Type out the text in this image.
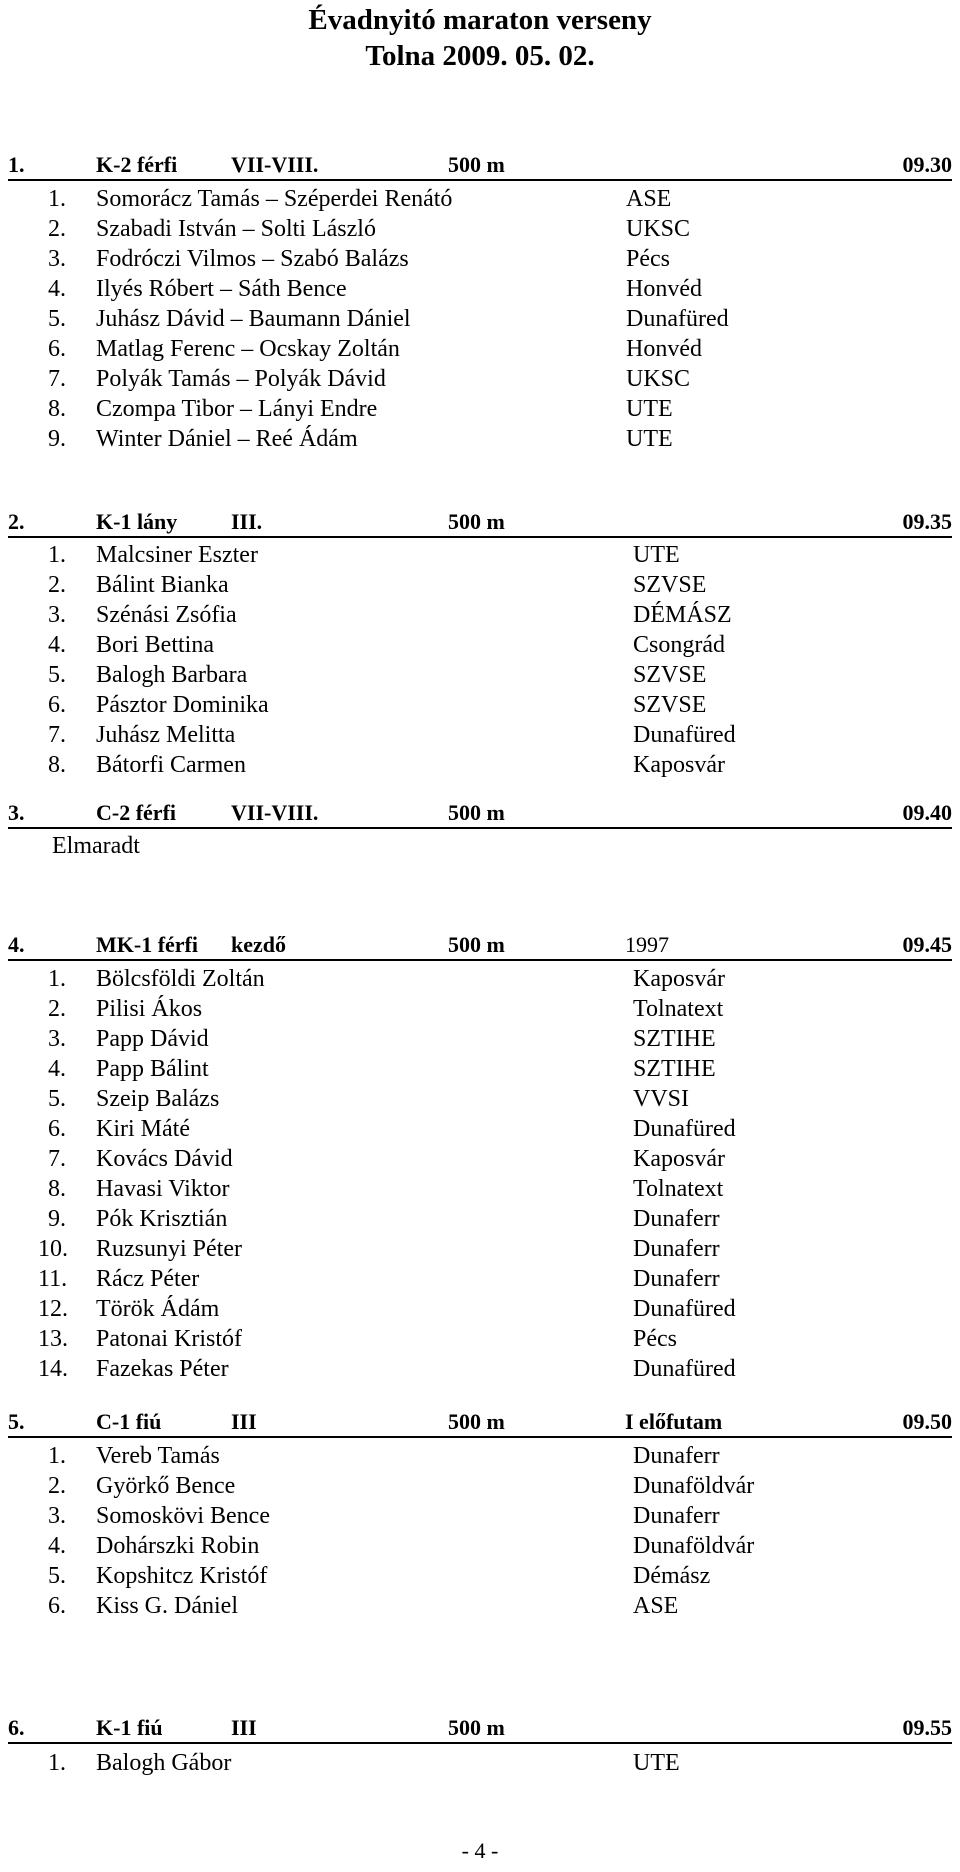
Évadnyitó maraton verseny
Tolna 2009. 05. 02.
1.	K-2 férfi VII-VIII.	500 m	09.30
1. Somorácz Tamás – Széperdei Renátó	ASE
2. Szabadi István – Solti László	UKSC
3. Fodróczi Vilmos – Szabó Balázs	Pécs
4. Ilyés Róbert – Sáth Bence	Honvéd
5. Juhász Dávid – Baumann Dániel	Dunafüred
6. Matlag Ferenc – Ocskay Zoltán	Honvéd
7. Polyák Tamás – Polyák Dávid	UKSC
8. Czompa Tibor – Lányi Endre	UTE
9. Winter Dániel – Reé Ádám	UTE
2.	K-1 lány III.	500 m	09.35
1. Malcsiner Eszter	UTE
2. Bálint Bianka	SZVSE
3. Szénási Zsófia	DÉMÁSZ
4. Bori Bettina	Csongrád
5. Balogh Barbara	SZVSE
6. Pásztor Dominika	SZVSE
7. Juhász Melitta	Dunafüred
8. Bátorfi Carmen	Kaposvár
3.	C-2 férfi VII-VIII.	500 m	09.40
Elmaradt
4.	MK-1 férfi kezdő	500 m	1997	09.45
1. Bölcsföldi Zoltán	Kaposvár
2. Pilisi Ákos	Tolnatext
3. Papp Dávid	SZTIHE
4. Papp Bálint	SZTIHE
5. Szeip Balázs	VVSI
6. Kiri Máté	Dunafüred
7. Kovács Dávid	Kaposvár
8. Havasi Viktor	Tolnatext
9. Pók Krisztián	Dunaferr
10. Ruzsunyi Péter	Dunaferr
11. Rácz Péter	Dunaferr
12. Török Ádám	Dunafüred
13. Patonai Kristóf	Pécs
14. Fazekas Péter	Dunafüred
5.	C-1 fiú	III	500 m	I előfutam	09.50
1. Vereb Tamás	Dunaferr
2. Györkő Bence	Dunaföldvár
3. Somoskövi Bence	Dunaferr
4. Dohárszki Robin	Dunaföldvár
5. Kopshitcz Kristóf	Démász
6. Kiss G. Dániel	ASE
6.	K-1 fiú	III	500 m	09.55
1. Balogh Gábor	UTE
- 4 -
